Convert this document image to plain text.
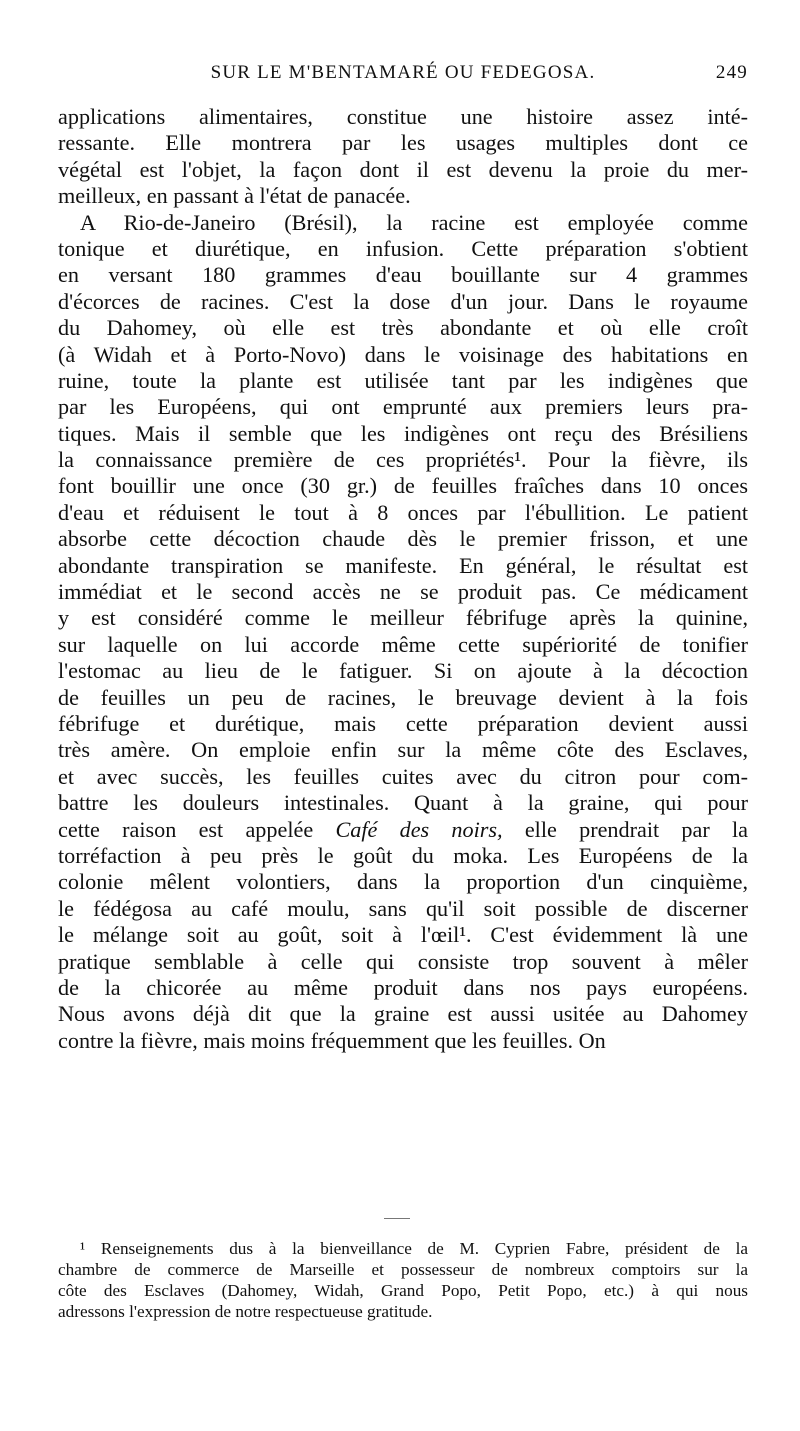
SUR LE M'BENTAMARÉ OU FEDEGOSA.	249
applications alimentaires, constitue une histoire assez inté-
ressante. Elle montrera par les usages multiples dont ce
végétal est l'objet, la façon dont il est devenu la proie du mer-
meilleux, en passant à l'état de panacée.
A Rio-de-Janeiro (Brésil), la racine est employée comme
tonique et diurétique, en infusion. Cette préparation s'obtient
en versant 180 grammes d'eau bouillante sur 4 grammes
d'écorces de racines. C'est la dose d'un jour. Dans le royaume
du Dahomey, où elle est très abondante et où elle croît
(à Widah et à Porto-Novo) dans le voisinage des habitations en
ruine, toute la plante est utilisée tant par les indigènes que
par les Européens, qui ont emprunté aux premiers leurs pra-
tiques. Mais il semble que les indigènes ont reçu des Brésiliens
la connaissance première de ces propriétés¹. Pour la fièvre, ils
font bouillir une once (30 gr.) de feuilles fraîches dans 10 onces
d'eau et réduisent le tout à 8 onces par l'ébullition. Le patient
absorbe cette décoction chaude dès le premier frisson, et une
abondante transpiration se manifeste. En général, le résultat est
immédiat et le second accès ne se produit pas. Ce médicament
y est considéré comme le meilleur fébrifuge après la quinine,
sur laquelle on lui accorde même cette supériorité de tonifier
l'estomac au lieu de le fatiguer. Si on ajoute à la décoction
de feuilles un peu de racines, le breuvage devient à la fois
fébrifuge et durétique, mais cette préparation devient aussi
très amère. On emploie enfin sur la même côte des Esclaves,
et avec succès, les feuilles cuites avec du citron pour com-
battre les douleurs intestinales. Quant à la graine, qui pour
cette raison est appelée Café des noirs, elle prendrait par la
torréfaction à peu près le goût du moka. Les Européens de la
colonie mêlent volontiers, dans la proportion d'un cinquième,
le fédégosa au café moulu, sans qu'il soit possible de discerner
le mélange soit au goût, soit à l'œil¹. C'est évidemment là une
pratique semblable à celle qui consiste trop souvent à mêler
de la chicorée au même produit dans nos pays européens.
Nous avons déjà dit que la graine est aussi usitée au Dahomey
contre la fièvre, mais moins fréquemment que les feuilles. On
¹ Renseignements dus à la bienveillance de M. Cyprien Fabre, président de la
chambre de commerce de Marseille et possesseur de nombreux comptoirs sur la
côte des Esclaves (Dahomey, Widah, Grand Popo, Petit Popo, etc.) à qui nous
adressons l'expression de notre respectueuse gratitude.
